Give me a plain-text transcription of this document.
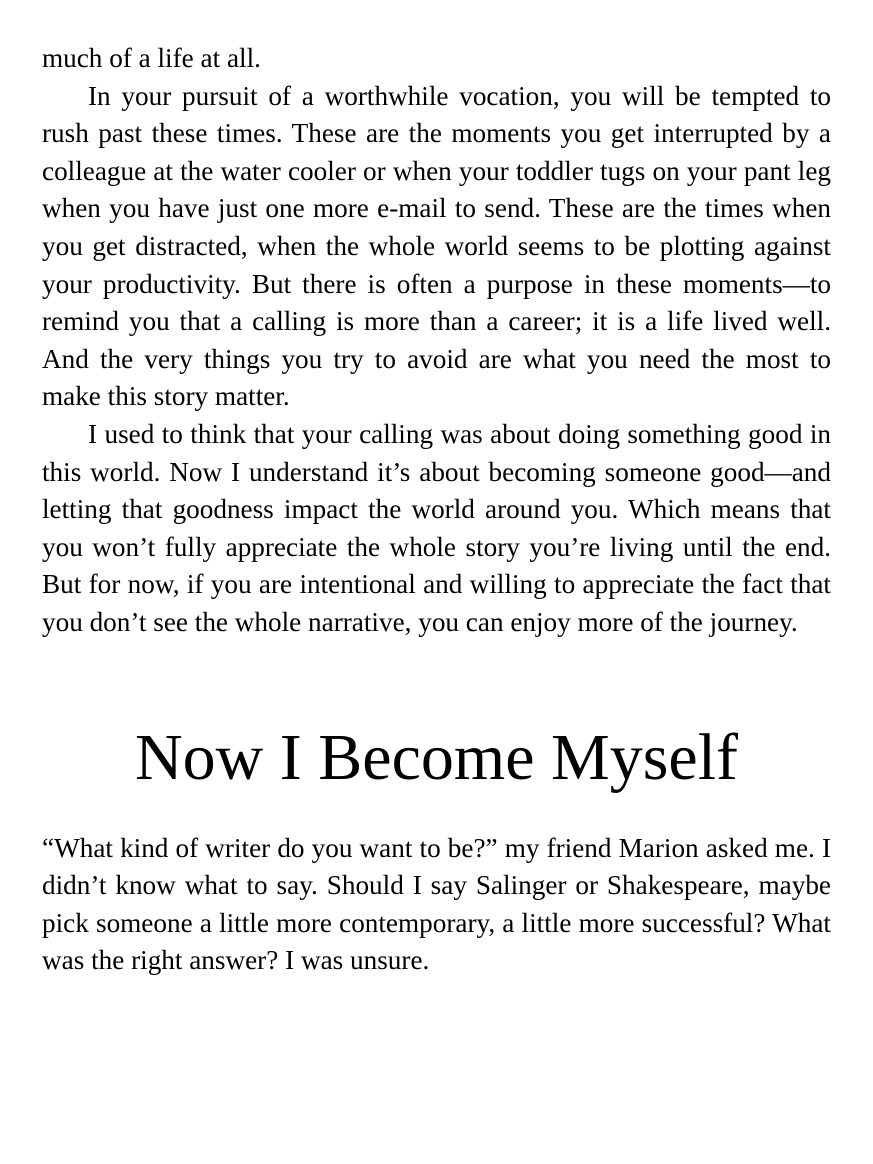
much of a life at all.

In your pursuit of a worthwhile vocation, you will be tempted to rush past these times. These are the moments you get interrupted by a colleague at the water cooler or when your toddler tugs on your pant leg when you have just one more e-mail to send. These are the times when you get distracted, when the whole world seems to be plotting against your productivity. But there is often a purpose in these moments—to remind you that a calling is more than a career; it is a life lived well. And the very things you try to avoid are what you need the most to make this story matter.

I used to think that your calling was about doing something good in this world. Now I understand it’s about becoming someone good—and letting that goodness impact the world around you. Which means that you won’t fully appreciate the whole story you’re living until the end. But for now, if you are intentional and willing to appreciate the fact that you don’t see the whole narrative, you can enjoy more of the journey.

Now I Become Myself

“What kind of writer do you want to be?” my friend Marion asked me. I didn’t know what to say. Should I say Salinger or Shakespeare, maybe pick someone a little more contemporary, a little more successful? What was the right answer? I was unsure.
